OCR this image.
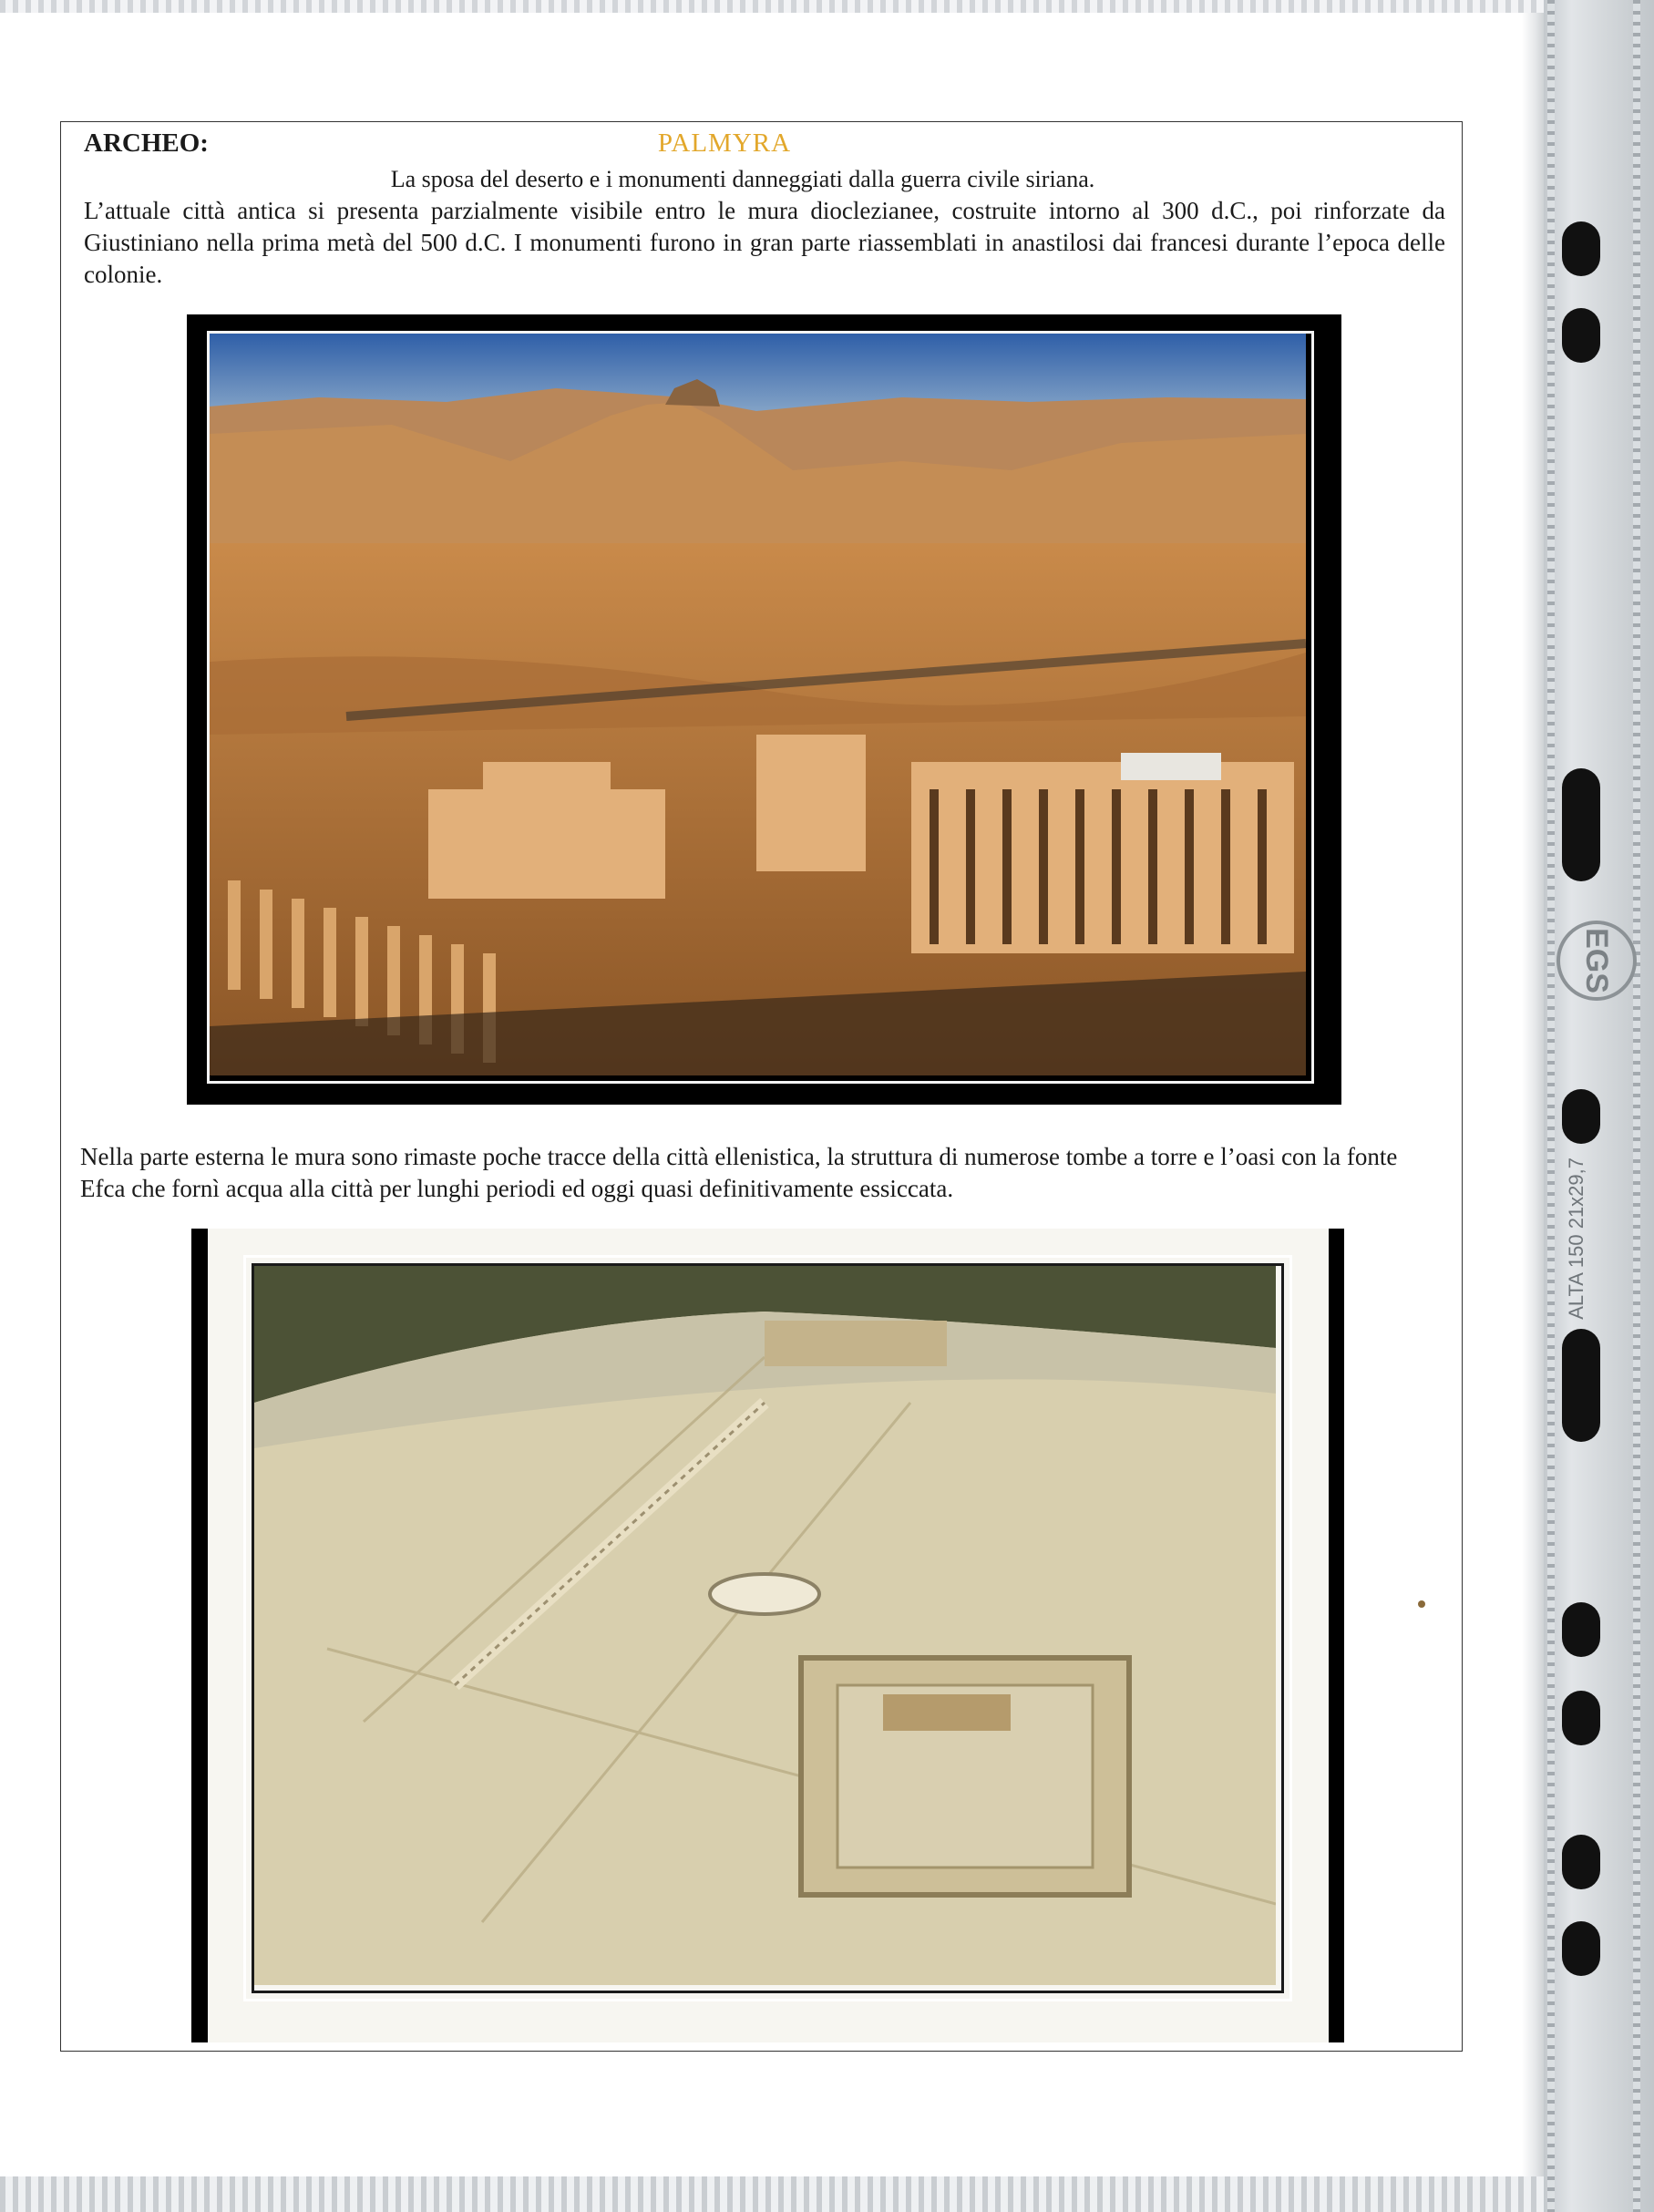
EGS
ALTA 150 21x29,7
ARCHEO:	PALMYRA
La sposa del deserto e i monumenti danneggiati dalla guerra civile siriana.
L’attuale città antica si presenta parzialmente visibile entro le mura dioclezianee, costruite intorno al 300 d.C., poi rinforzate da Giustiniano nella prima metà del 500 d.C. I monumenti furono in gran parte riassemblati in anastilosi dai francesi durante l’epoca delle colonie.
Nella parte esterna le mura sono rimaste poche tracce della città ellenistica, la struttura di numerose tombe a torre e l’oasi con la fonte Efca che fornì acqua alla città per lunghi periodi ed oggi quasi definitivamente essiccata.
